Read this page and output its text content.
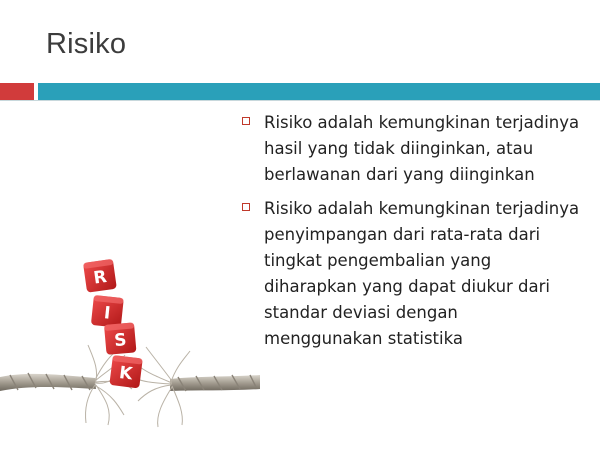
Risiko
Risiko adalah kemungkinan terjadinya hasil yang tidak diinginkan, atau berlawanan dari yang diinginkan
Risiko adalah kemungkinan terjadinya penyimpangan dari rata-rata dari tingkat pengembalian yang diharapkan yang dapat diukur dari standar deviasi dengan menggunakan statistika
R
I
S
K
